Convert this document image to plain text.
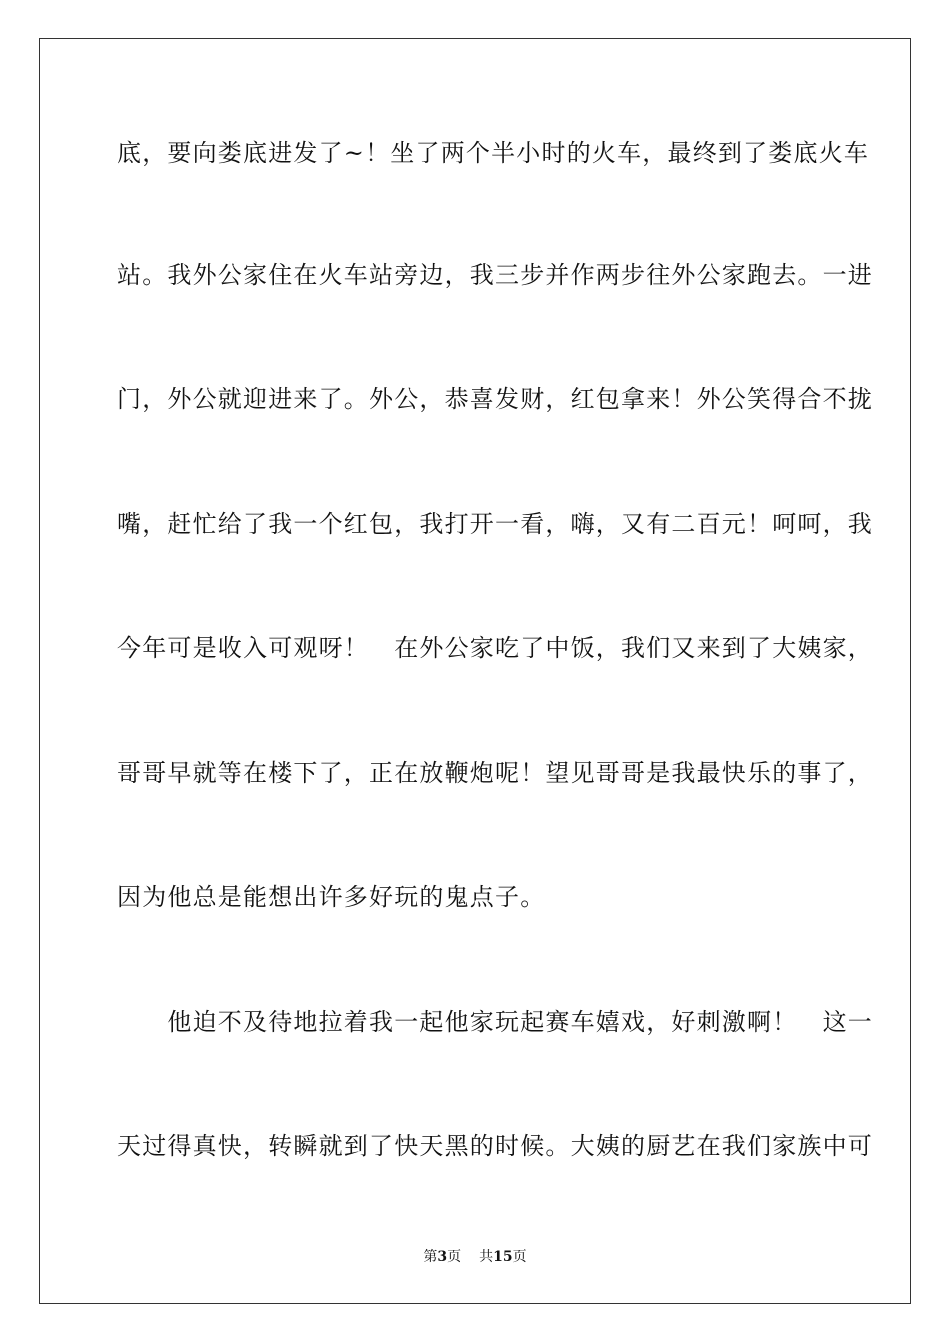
底，要向娄底进发了~！坐了两个半小时的火车，最终到了娄底火车
站。我外公家住在火车站旁边，我三步并作两步往外公家跑去。一进
门，外公就迎进来了。外公，恭喜发财，红包拿来！外公笑得合不拢
嘴，赶忙给了我一个红包，我打开一看，嗨，又有二百元！呵呵，我
今年可是收入可观呀！　在外公家吃了中饭，我们又来到了大姨家，
哥哥早就等在楼下了，正在放鞭炮呢！望见哥哥是我最快乐的事了，
因为他总是能想出许多好玩的鬼点子。
　　他迫不及待地拉着我一起他家玩起赛车嬉戏，好刺激啊！　这一
天过得真快，转瞬就到了快天黑的时候。大姨的厨艺在我们家族中可
第3页 共15页
